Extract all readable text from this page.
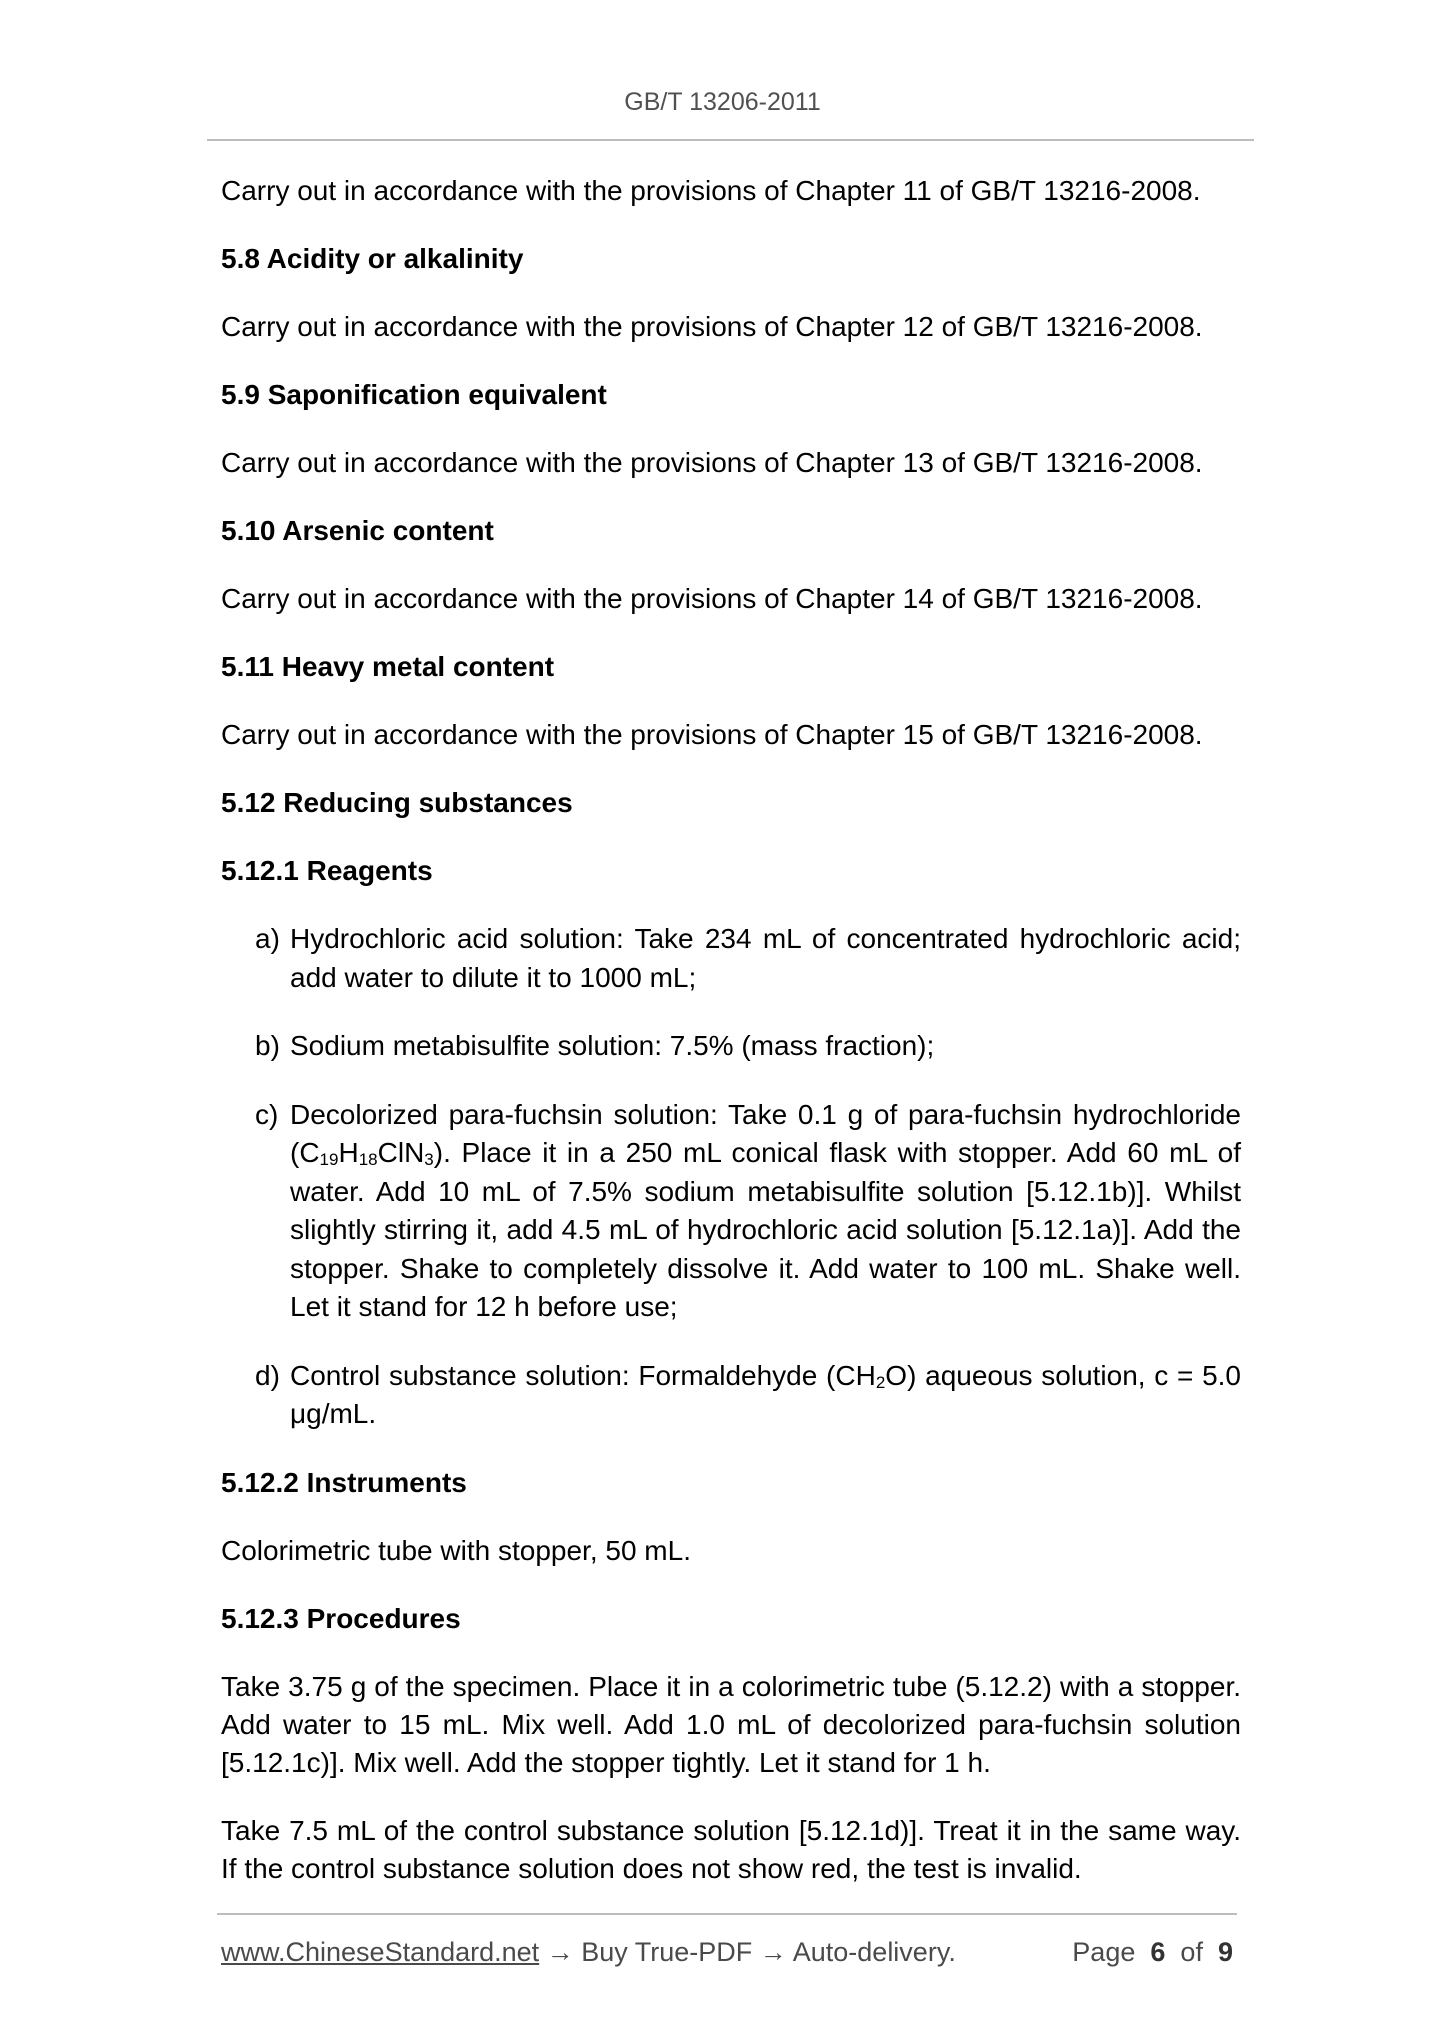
GB/T 13206-2011

Carry out in accordance with the provisions of Chapter 11 of GB/T 13216-2008.

5.8 Acidity or alkalinity

Carry out in accordance with the provisions of Chapter 12 of GB/T 13216-2008.

5.9 Saponification equivalent

Carry out in accordance with the provisions of Chapter 13 of GB/T 13216-2008.

5.10 Arsenic content

Carry out in accordance with the provisions of Chapter 14 of GB/T 13216-2008.

5.11 Heavy metal content

Carry out in accordance with the provisions of Chapter 15 of GB/T 13216-2008.

5.12 Reducing substances

5.12.1 Reagents

a) Hydrochloric acid solution: Take 234 mL of concentrated hydrochloric acid; add water to dilute it to 1000 mL;
b) Sodium metabisulfite solution: 7.5% (mass fraction);
c) Decolorized para-fuchsin solution: Take 0.1 g of para-fuchsin hydrochloride $(C_{19}H_{18}ClN_3)$. Place it in a 250 mL conical flask with stopper. Add 60 mL of water. Add 10 mL of 7.5% sodium metabisulfite solution [5.12.1b)]. Whilst slightly stirring it, add 4.5 mL of hydrochloric acid solution [5.12.1a)]. Add the stopper. Shake to completely dissolve it. Add water to 100 mL. Shake well. Let it stand for 12 h before use;
d) Control substance solution: Formaldehyde $(CH_2O)$ aqueous solution, c = 5.0 μg/mL.

5.12.2 Instruments

Colorimetric tube with stopper, 50 mL.

5.12.3 Procedures

Take 3.75 g of the specimen. Place it in a colorimetric tube (5.12.2) with a stopper. Add water to 15 mL. Mix well. Add 1.0 mL of decolorized para-fuchsin solution [5.12.1c)]. Mix well. Add the stopper tightly. Let it stand for 1 h.

Take 7.5 mL of the control substance solution [5.12.1d)]. Treat it in the same way. If the control substance solution does not show red, the test is invalid.

www.ChineseStandard.net → Buy True-PDF → Auto-delivery.	Page 6 of 9
